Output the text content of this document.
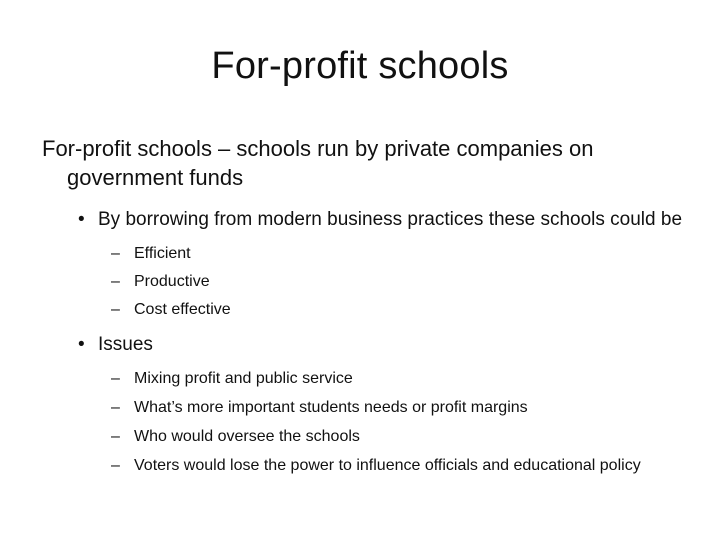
For-profit schools

For-profit schools – schools run by private companies on government funds

• By borrowing from modern business practices these schools could be
– Efficient
– Productive
– Cost effective
• Issues
– Mixing profit and public service
– What’s more important students needs or profit margins
– Who would oversee the schools
– Voters would lose the power to influence officials and educational policy
